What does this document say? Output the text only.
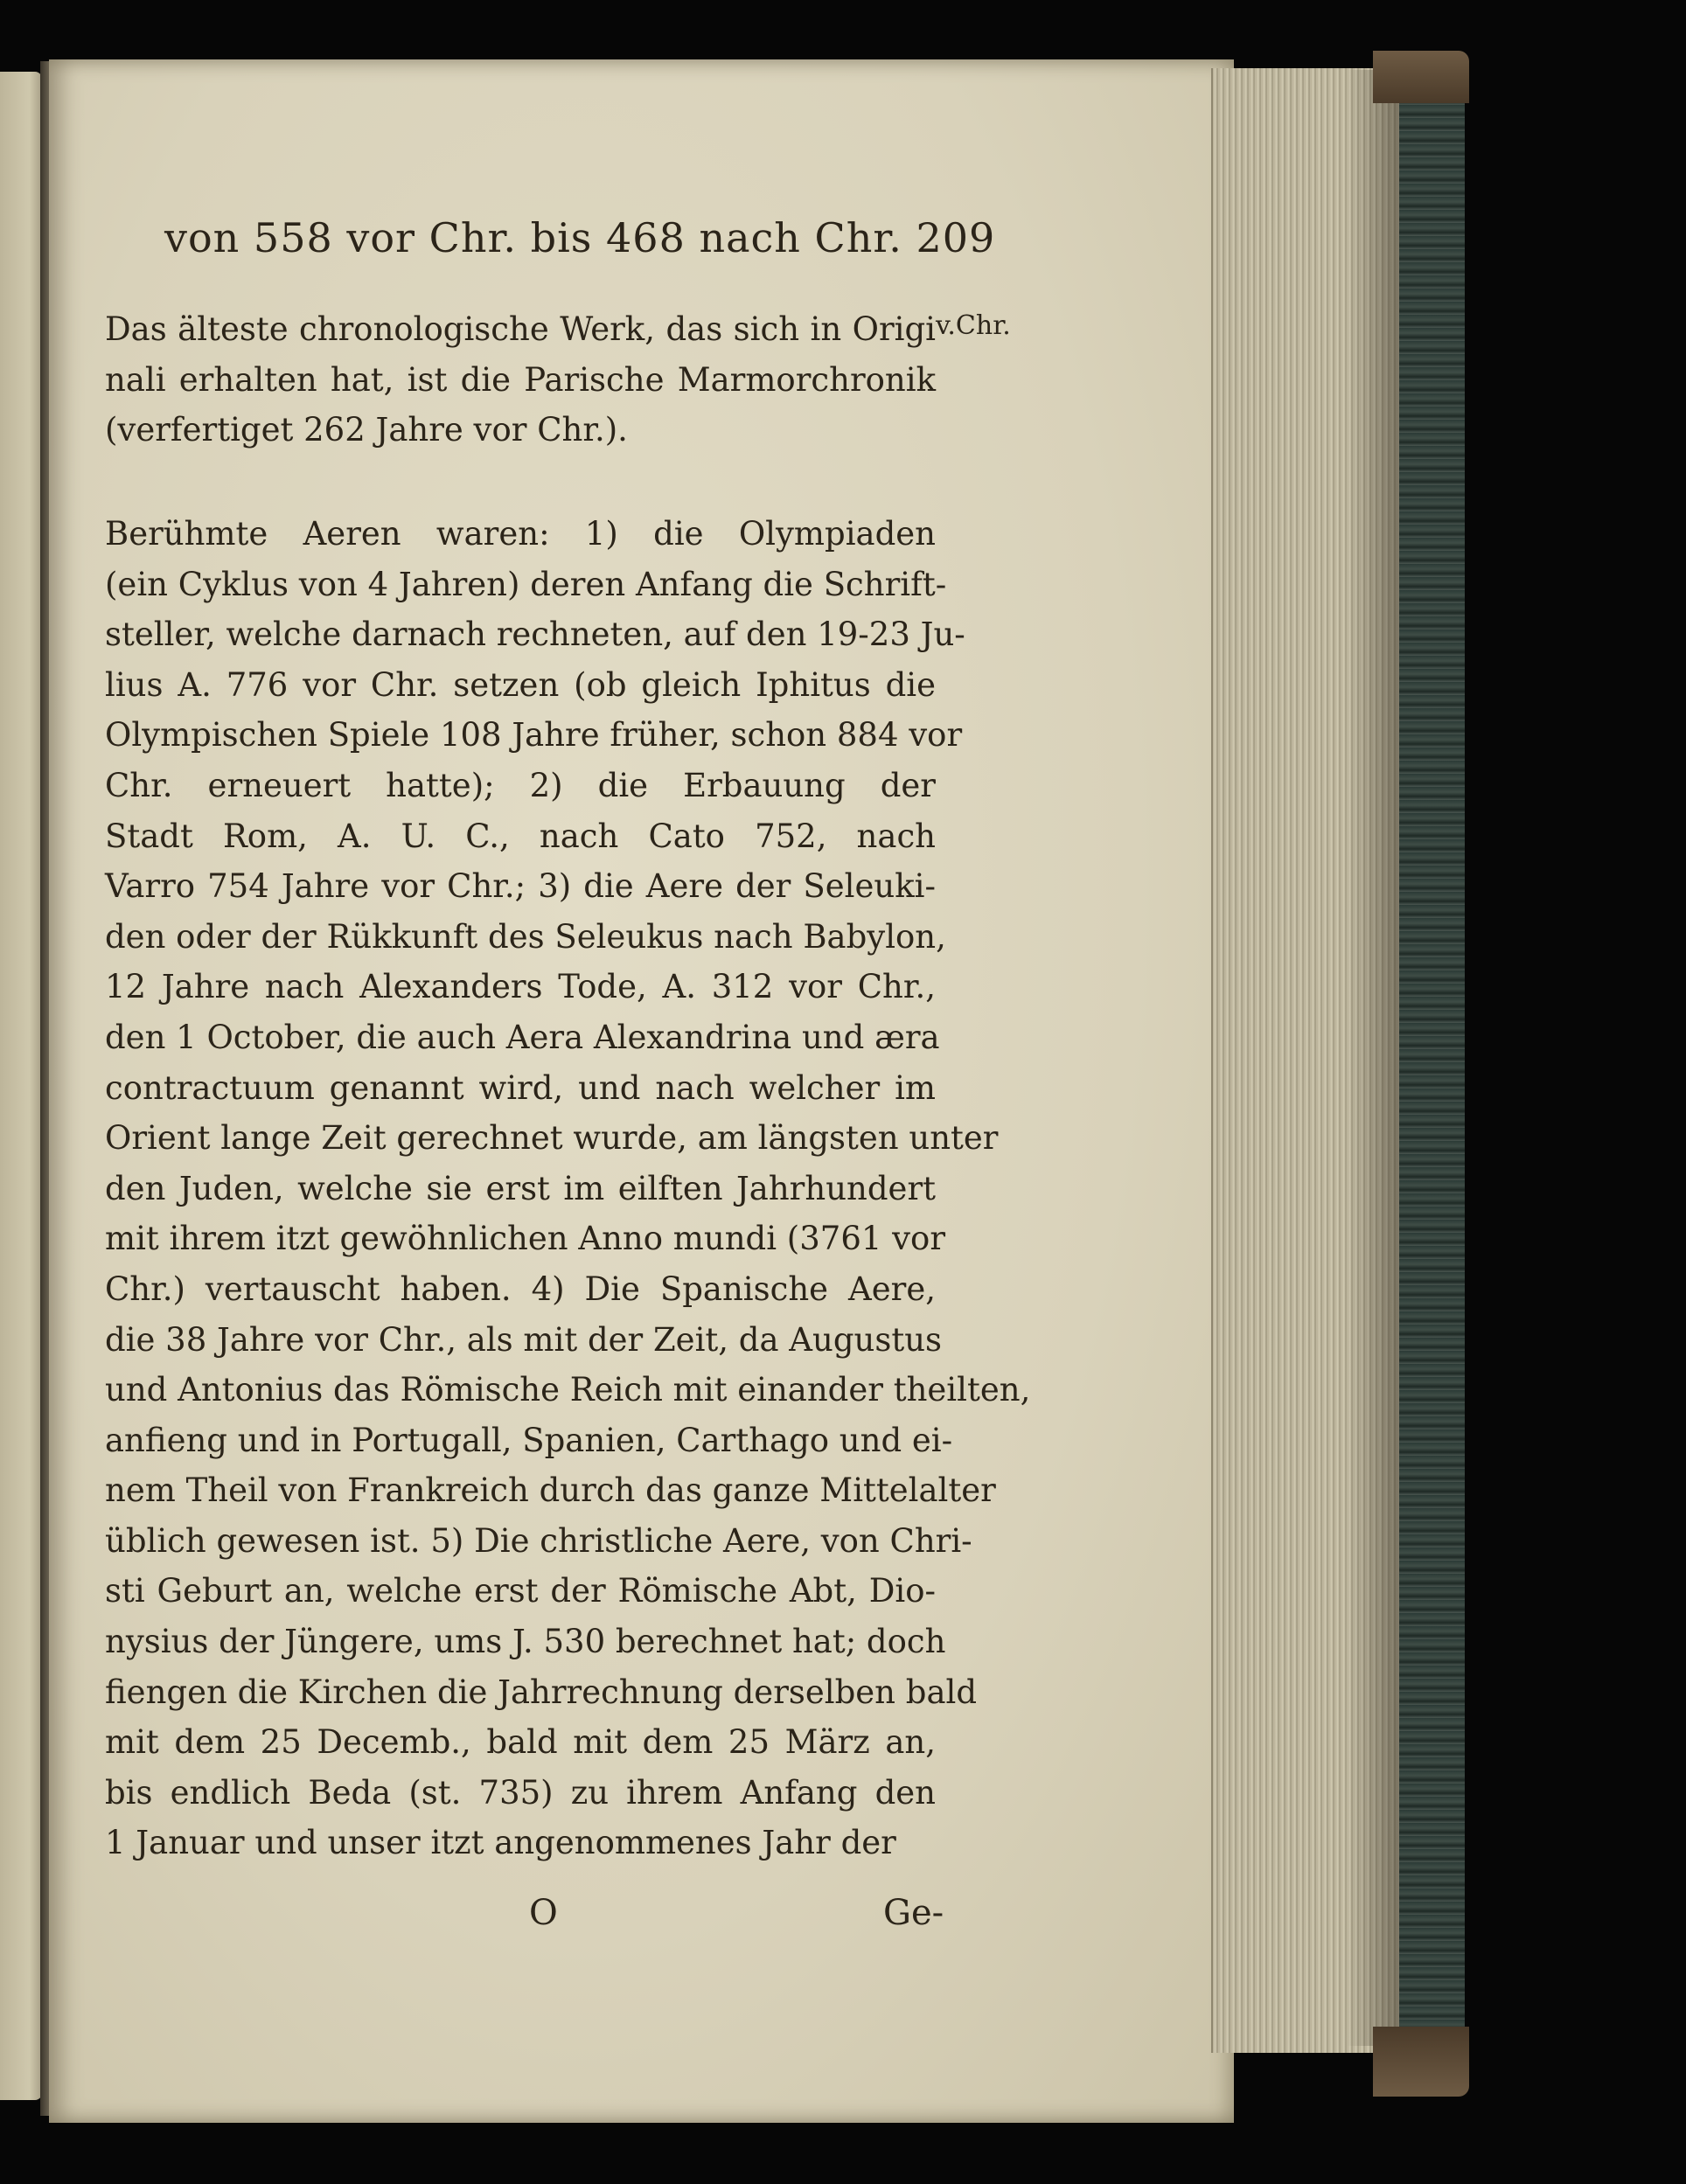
von 558 vor Chr. bis 468 nach Chr. 209
v.Chr.
Das älteste chronologische Werk, das sich in Origi
nali erhalten hat, ist die Parische Marmorchronik
(verfertiget 262 Jahre vor Chr.).
Berühmte Aeren waren: 1) die Olympiaden
(ein Cyklus von 4 Jahren) deren Anfang die Schrift-
steller, welche darnach rechneten, auf den 19-23 Ju-
lius A. 776 vor Chr. setzen (ob gleich Iphitus die
Olympischen Spiele 108 Jahre früher, schon 884 vor
Chr. erneuert hatte); 2) die Erbauung der
Stadt Rom, A. U. C., nach Cato 752, nach
Varro 754 Jahre vor Chr.; 3) die Aere der Seleuki-
den oder der Rükkunft des Seleukus nach Babylon,
12 Jahre nach Alexanders Tode, A. 312 vor Chr.,
den 1 October, die auch Aera Alexandrina und æra
contractuum genannt wird, und nach welcher im
Orient lange Zeit gerechnet wurde, am längsten unter
den Juden, welche sie erst im eilften Jahrhundert
mit ihrem itzt gewöhnlichen Anno mundi (3761 vor
Chr.) vertauscht haben. 4) Die Spanische Aere,
die 38 Jahre vor Chr., als mit der Zeit, da Augustus
und Antonius das Römische Reich mit einander theilten,
anfieng und in Portugall, Spanien, Carthago und ei-
nem Theil von Frankreich durch das ganze Mittelalter
üblich gewesen ist. 5) Die christliche Aere, von Chri-
sti Geburt an, welche erst der Römische Abt, Dio-
nysius der Jüngere, ums J. 530 berechnet hat; doch
fiengen die Kirchen die Jahrrechnung derselben bald
mit dem 25 Decemb., bald mit dem 25 März an,
bis endlich Beda (st. 735) zu ihrem Anfang den
1 Januar und unser itzt angenommenes Jahr der
O	Ge-
